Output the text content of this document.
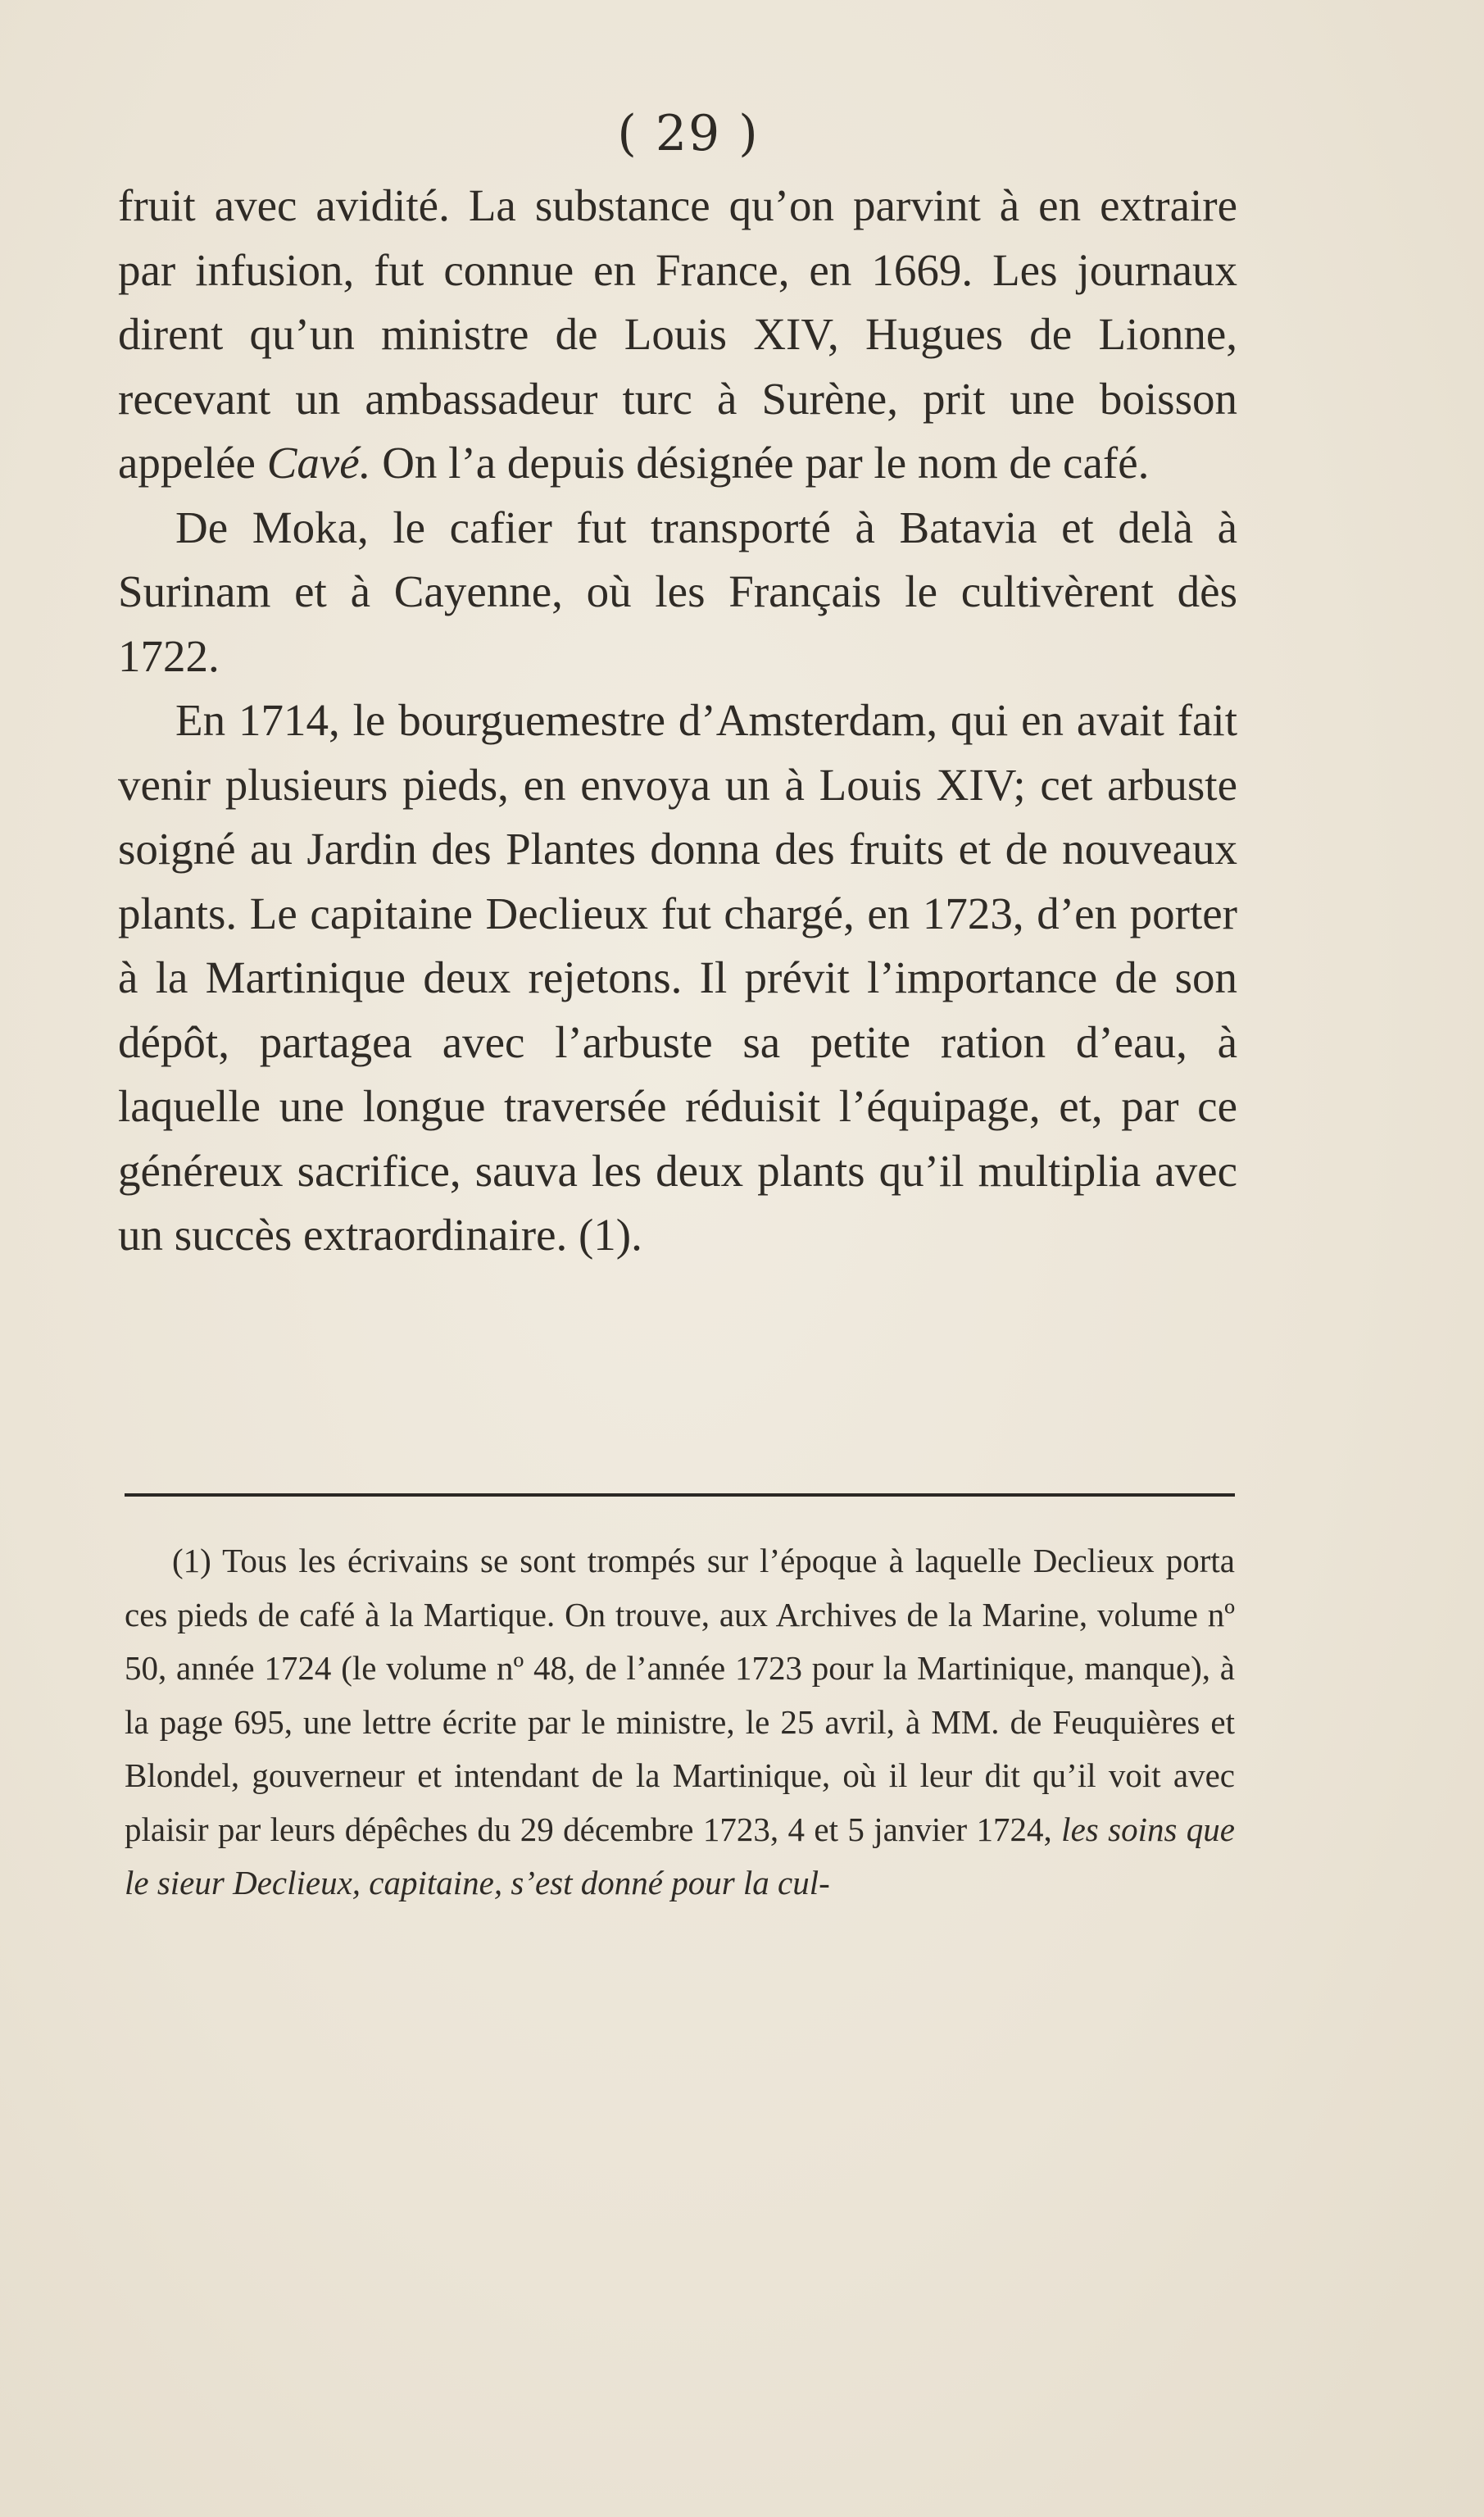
( 29 )

fruit avec avidité. La substance qu’on parvint à en extraire par infusion, fut connue en France, en 1669. Les journaux dirent qu’un ministre de Louis XIV, Hugues de Lionne, recevant un ambassadeur turc à Surène, prit une boisson appelée Cavé. On l’a depuis désignée par le nom de café.

De Moka, le cafier fut transporté à Batavia et delà à Surinam et à Cayenne, où les Français le cultivèrent dès 1722.

En 1714, le bourguemestre d’Amsterdam, qui en avait fait venir plusieurs pieds, en envoya un à Louis XIV; cet arbuste soigné au Jardin des Plantes donna des fruits et de nouveaux plants. Le capitaine Declieux fut chargé, en 1723, d’en porter à la Martinique deux rejetons. Il prévit l’importance de son dépôt, partagea avec l’arbuste sa petite ration d’eau, à laquelle une longue traversée réduisit l’équipage, et, par ce généreux sacrifice, sauva les deux plants qu’il multiplia avec un succès extraordinaire. (1).

(1) Tous les écrivains se sont trompés sur l’époque à laquelle Declieux porta ces pieds de café à la Martique. On trouve, aux Archives de la Marine, volume nº 50, année 1724 (le volume nº 48, de l’année 1723 pour la Martinique, manque), à la page 695, une lettre écrite par le ministre, le 25 avril, à MM. de Feuquières et Blondel, gouverneur et intendant de la Martinique, où il leur dit qu’il voit avec plaisir par leurs dépêches du 29 décembre 1723, 4 et 5 janvier 1724, les soins que le sieur Declieux, capitaine, s’est donné pour la cul-
